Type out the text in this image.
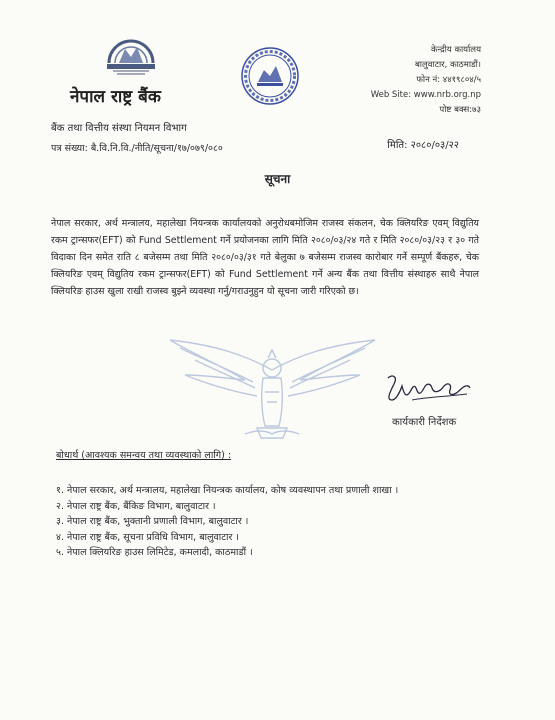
नेपाल राष्ट्र बैंक
केन्द्रीय कार्यालय
बालुवाटार, काठमाडौं।
फोन नं: ४४१९८०४/५
Web Site: www.nrb.org.np
पोष्ट बक्स:७३
बैंक तथा वित्तीय संस्था नियमन विभाग
पत्र संख्या: बै.वि.नि.वि./नीति/सूचना/१७/०७९/०८०	मिति: २०८०/०३/२२
सूचना
नेपाल सरकार, अर्थ मन्त्रालय, महालेखा नियन्त्रक कार्यालयको अनुरोधबमोजिम राजस्व संकलन, चेक क्लियरिङ एवम् विद्युतिय रकम ट्रान्सफर(EFT) को Fund Settlement गर्ने प्रयोजनका लागि मिति २०८०/०३/२४ गते र मिति २०८०/०३/२३ र ३० गते विदाका दिन समेत राति ८ बजेसम्म तथा मिति २०८०/०३/३१ गते बेलुका ७ बजेसम्म राजस्व कारोबार गर्ने सम्पूर्ण बैंकहरु, चेक क्लियरिङ एवम् विद्युतिय रकम ट्रान्सफर(EFT) को Fund Settlement गर्ने अन्य बैंक तथा वित्तीय संस्थाहरु साथै नेपाल क्लियरिङ हाउस खुला राखी राजस्व बुझ्ने व्यवस्था गर्नु/गराउनुहुन यो सूचना जारी गरिएको छ।
कार्यकारी निर्देशक
बोधार्थ (आवश्यक समन्वय तथा व्यवस्थाको लागि) :
१. नेपाल सरकार, अर्थ मन्त्रालय, महालेखा नियन्त्रक कार्यालय, कोष व्यवस्थापन तथा प्रणाली शाखा ।
२. नेपाल राष्ट्र बैंक, बैंकिङ विभाग, बालुवाटार ।
३. नेपाल राष्ट्र बैंक, भुक्तानी प्रणाली विभाग, बालुवाटार ।
४. नेपाल राष्ट्र बैंक, सूचना प्रविधि विभाग, बालुवाटार ।
५. नेपाल क्लियरिङ हाउस लिमिटेड, कमलादी, काठमाडौं ।
